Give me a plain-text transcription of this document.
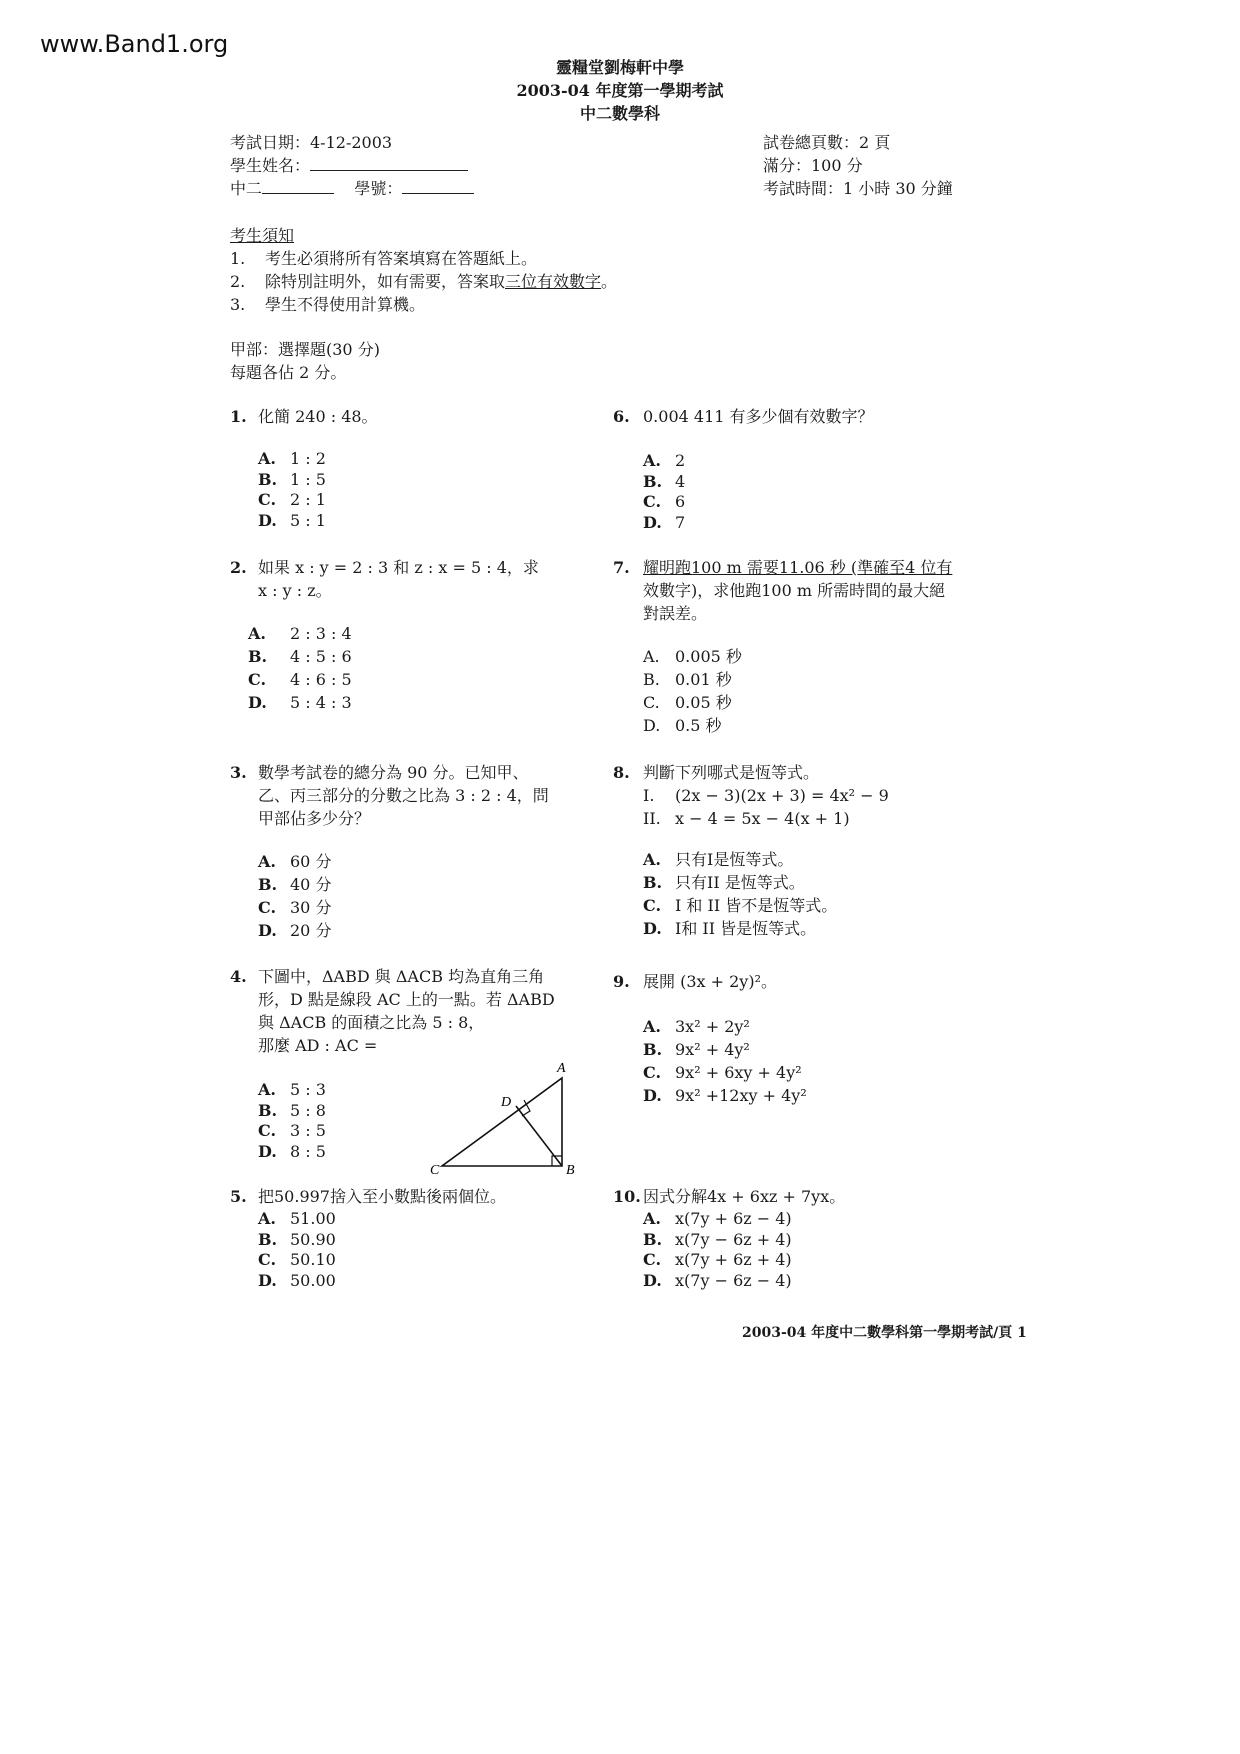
www.Band1.org
靈糧堂劉梅軒中學
2003-04 年度第一學期考試
中二數學科
考試日期：4-12-2003
學生姓名：
中二	學號：
試卷總頁數：2 頁
滿分：100 分
考試時間：1 小時 30 分鐘
考生須知
1. 考生必須將所有答案填寫在答題紙上。
2. 除特別註明外，如有需要，答案取三位有效數字。
3. 學生不得使用計算機。
甲部：選擇題(30 分)
每題各佔 2 分。
1. 化簡 240 : 48。
A. 1 : 2
B. 1 : 5
C. 2 : 1
D. 5 : 1
2. 如果 x : y = 2 : 3 和 z : x = 5 : 4，求
x : y : z。
A. 2 : 3 : 4
B. 4 : 5 : 6
C. 4 : 6 : 5
D. 5 : 4 : 3
3. 數學考試卷的總分為 90 分。已知甲、
乙、丙三部分的分數之比為 3 : 2 : 4，問
甲部佔多少分？
A. 60 分
B. 40 分
C. 30 分
D. 20 分
4. 下圖中，ΔABD 與 ΔACB 均為直角三角
形，D 點是線段 AC 上的一點。若 ΔABD
與 ΔACB 的面積之比為 5 : 8，
那麼 AD : AC =
A. 5 : 3
B. 5 : 8
C. 3 : 5
D. 8 : 5
A
B
C
D
5. 把50.997捨入至小數點後兩個位。
A. 51.00
B. 50.90
C. 50.10
D. 50.00
6. 0.004 411 有多少個有效數字？
A. 2
B. 4
C. 6
D. 7
7. 耀明跑100 m 需要11.06 秒 (準確至4 位有
效數字)，求他跑100 m 所需時間的最大絕
對誤差。
A. 0.005 秒
B. 0.01 秒
C. 0.05 秒
D. 0.5 秒
8. 判斷下列哪式是恆等式。
I. (2x − 3)(2x + 3) = 4x² − 9
II. x − 4 = 5x − 4(x + 1)
A. 只有I是恆等式。
B. 只有II 是恆等式。
C. I 和 II 皆不是恆等式。
D. I和 II 皆是恆等式。
9. 展開 (3x + 2y)²。
A. 3x² + 2y²
B. 9x² + 4y²
C. 9x² + 6xy + 4y²
D. 9x² +12xy + 4y²
10. 因式分解4x + 6xz + 7yx。
A. x(7y + 6z − 4)
B. x(7y − 6z + 4)
C. x(7y + 6z + 4)
D. x(7y − 6z − 4)
2003-04 年度中二數學科第一學期考試/頁 1
